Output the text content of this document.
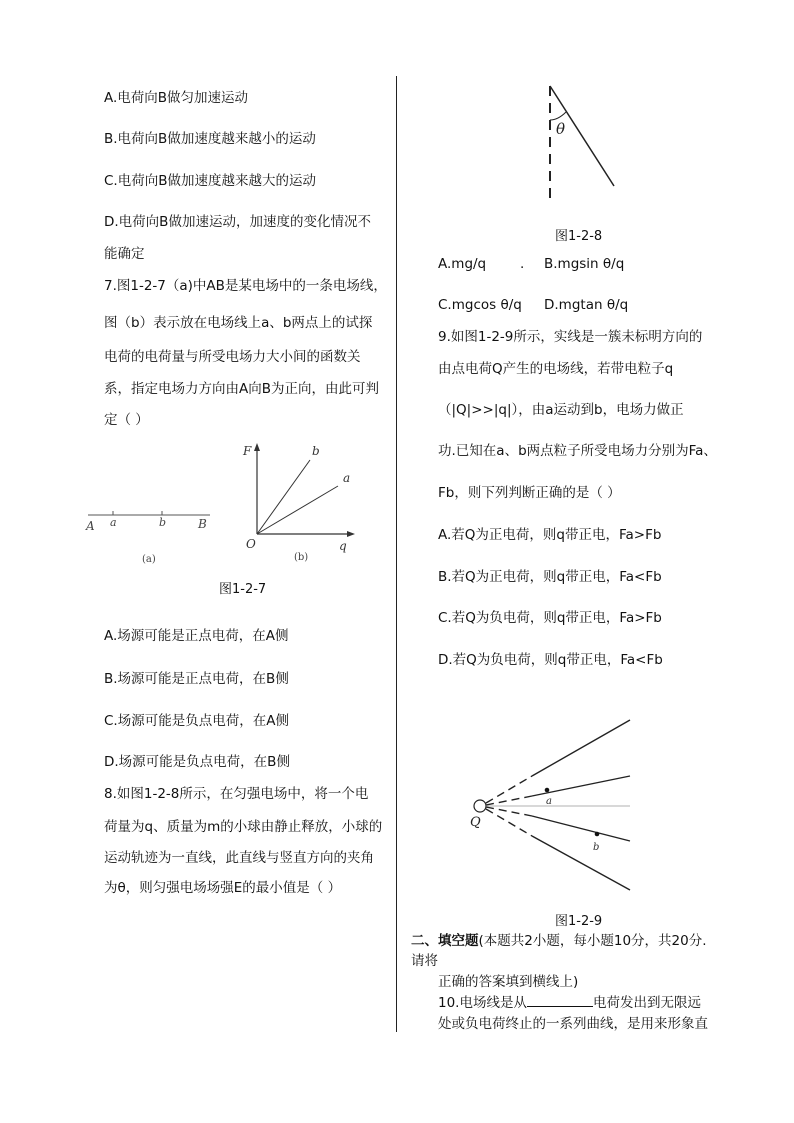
A.电荷向B做匀加速运动
B.电荷向B做加速度越来越小的运动
C.电荷向B做加速度越来越大的运动
D.电荷向B做加速运动，加速度的变化情况不
能确定
7.图1-2-7（a)中AB是某电场中的一条电场线，
图（b）表示放在电场线上a、b两点上的试探
电荷的电荷量与所受电场力大小间的函数关
系，指定电场力方向由A向B为正向，由此可判
定（ ）
A a	b	B
(a)
F
O	q
b
a
(b)
图1-2-7
A.场源可能是正点电荷，在A侧
B.场源可能是正点电荷，在B侧
C.场源可能是负点电荷，在A侧
D.场源可能是负点电荷，在B侧
8.如图1-2-8所示，在匀强电场中，将一个电
荷量为q、质量为m的小球由静止释放，小球的
运动轨迹为一直线，此直线与竖直方向的夹角
为θ，则匀强电场场强E的最小值是（ ）
θ
图1-2-8
A.mg/q	. B.mgsin θ/q
C.mgcos θ/q D.mgtan θ/q
9.如图1-2-9所示，实线是一簇未标明方向的
由点电荷Q产生的电场线，若带电粒子q
（|Q|>>|q|），由a运动到b，电场力做正
功.已知在a、b两点粒子所受电场力分别为Fa、
Fb，则下列判断正确的是（ ）
A.若Q为正电荷，则q带正电，Fa>Fb
B.若Q为正电荷，则q带正电，Fa<Fb
C.若Q为负电荷，则q带正电，Fa>Fb
D.若Q为负电荷，则q带正电，Fa<Fb
a
b
Q
图1-2-9
二、填空题(本题共2小题，每小题10分，共20分.
请将
正确的答案填到横线上)
10.电场线是从	电荷发出到无限远
处或负电荷终止的一系列曲线，是用来形象直
